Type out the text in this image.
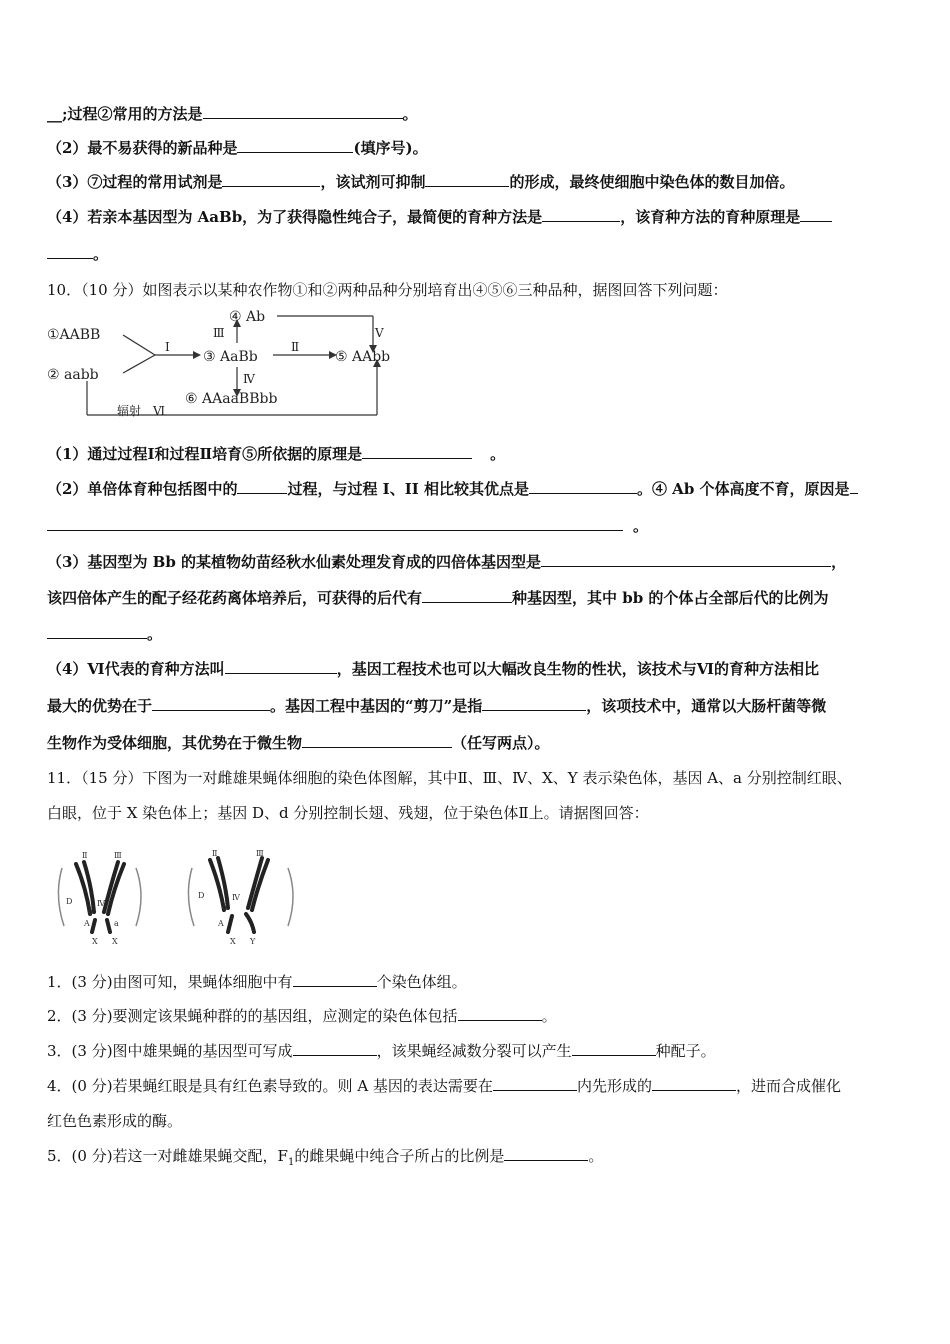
__;过程②常用的方法是	。
（2）最不易获得的新品种是	(填序号)。
（3）⑦过程的常用试剂是	，该试剂可抑制	的形成，最终使细胞中染色体的数目加倍。
（4）若亲本基因型为 AaBb，为了获得隐性纯合子，最简便的育种方法是	，该育种方法的育种原理是
。
10．（10 分）如图表示以某种农作物①和②两种品种分别培育出④⑤⑥三种品种，据图回答下列问题：
①AABB
② aabb
Ⅰ
③ AaBb
Ⅱ
Ⅲ
④ Ab
V
⑤ AAbb
Ⅳ
⑥ AAaaBBbb
辐射　Ⅵ
（1）通过过程Ⅰ和过程Ⅱ培育⑤所依据的原理是	。
（2）单倍体育种包括图中的	过程，与过程 I、II 相比较其优点是	。④ Ab 个体高度不育，原因是
。
（3）基因型为 Bb 的某植物幼苗经秋水仙素处理发育成的四倍体基因型是	，
该四倍体产生的配子经花药离体培养后，可获得的后代有	种基因型，其中 bb 的个体占全部后代的比例为
。
（4）Ⅵ代表的育种方法叫	，基因工程技术也可以大幅改良生物的性状，该技术与Ⅵ的育种方法相比
最大的优势在于	。基因工程中基因的“剪刀”是指	，该项技术中，通常以大肠杆菌等微
生物作为受体细胞，其优势在于微生物	（任写两点）。
11．（15 分）下图为一对雌雄果蝇体细胞的染色体图解，其中Ⅱ、Ⅲ、Ⅳ、X、Y 表示染色体，基因 A、a 分别控制红眼、
白眼，位于 X 染色体上；基因 D、d 分别控制长翅、残翅，位于染色体Ⅱ上。请据图回答：
Ⅱ	Ⅲ
Ⅳ
D
d
A	a
X X
Ⅱ	Ⅲ
Ⅳ
D
d
A
X Y
1．(3 分)由图可知，果蝇体细胞中有	个染色体组。
2．(3 分)要测定该果蝇种群的的基因组，应测定的染色体包括	。
3．(3 分)图中雄果蝇的基因型可写成	，该果蝇经减数分裂可以产生	种配子。
4．(0 分)若果蝇红眼是具有红色素导致的。则 A 基因的表达需要在	内先形成的	，进而合成催化
红色色素形成的酶。
5．(0 分)若这一对雌雄果蝇交配，$F_1$的雌果蝇中纯合子所占的比例是	。
